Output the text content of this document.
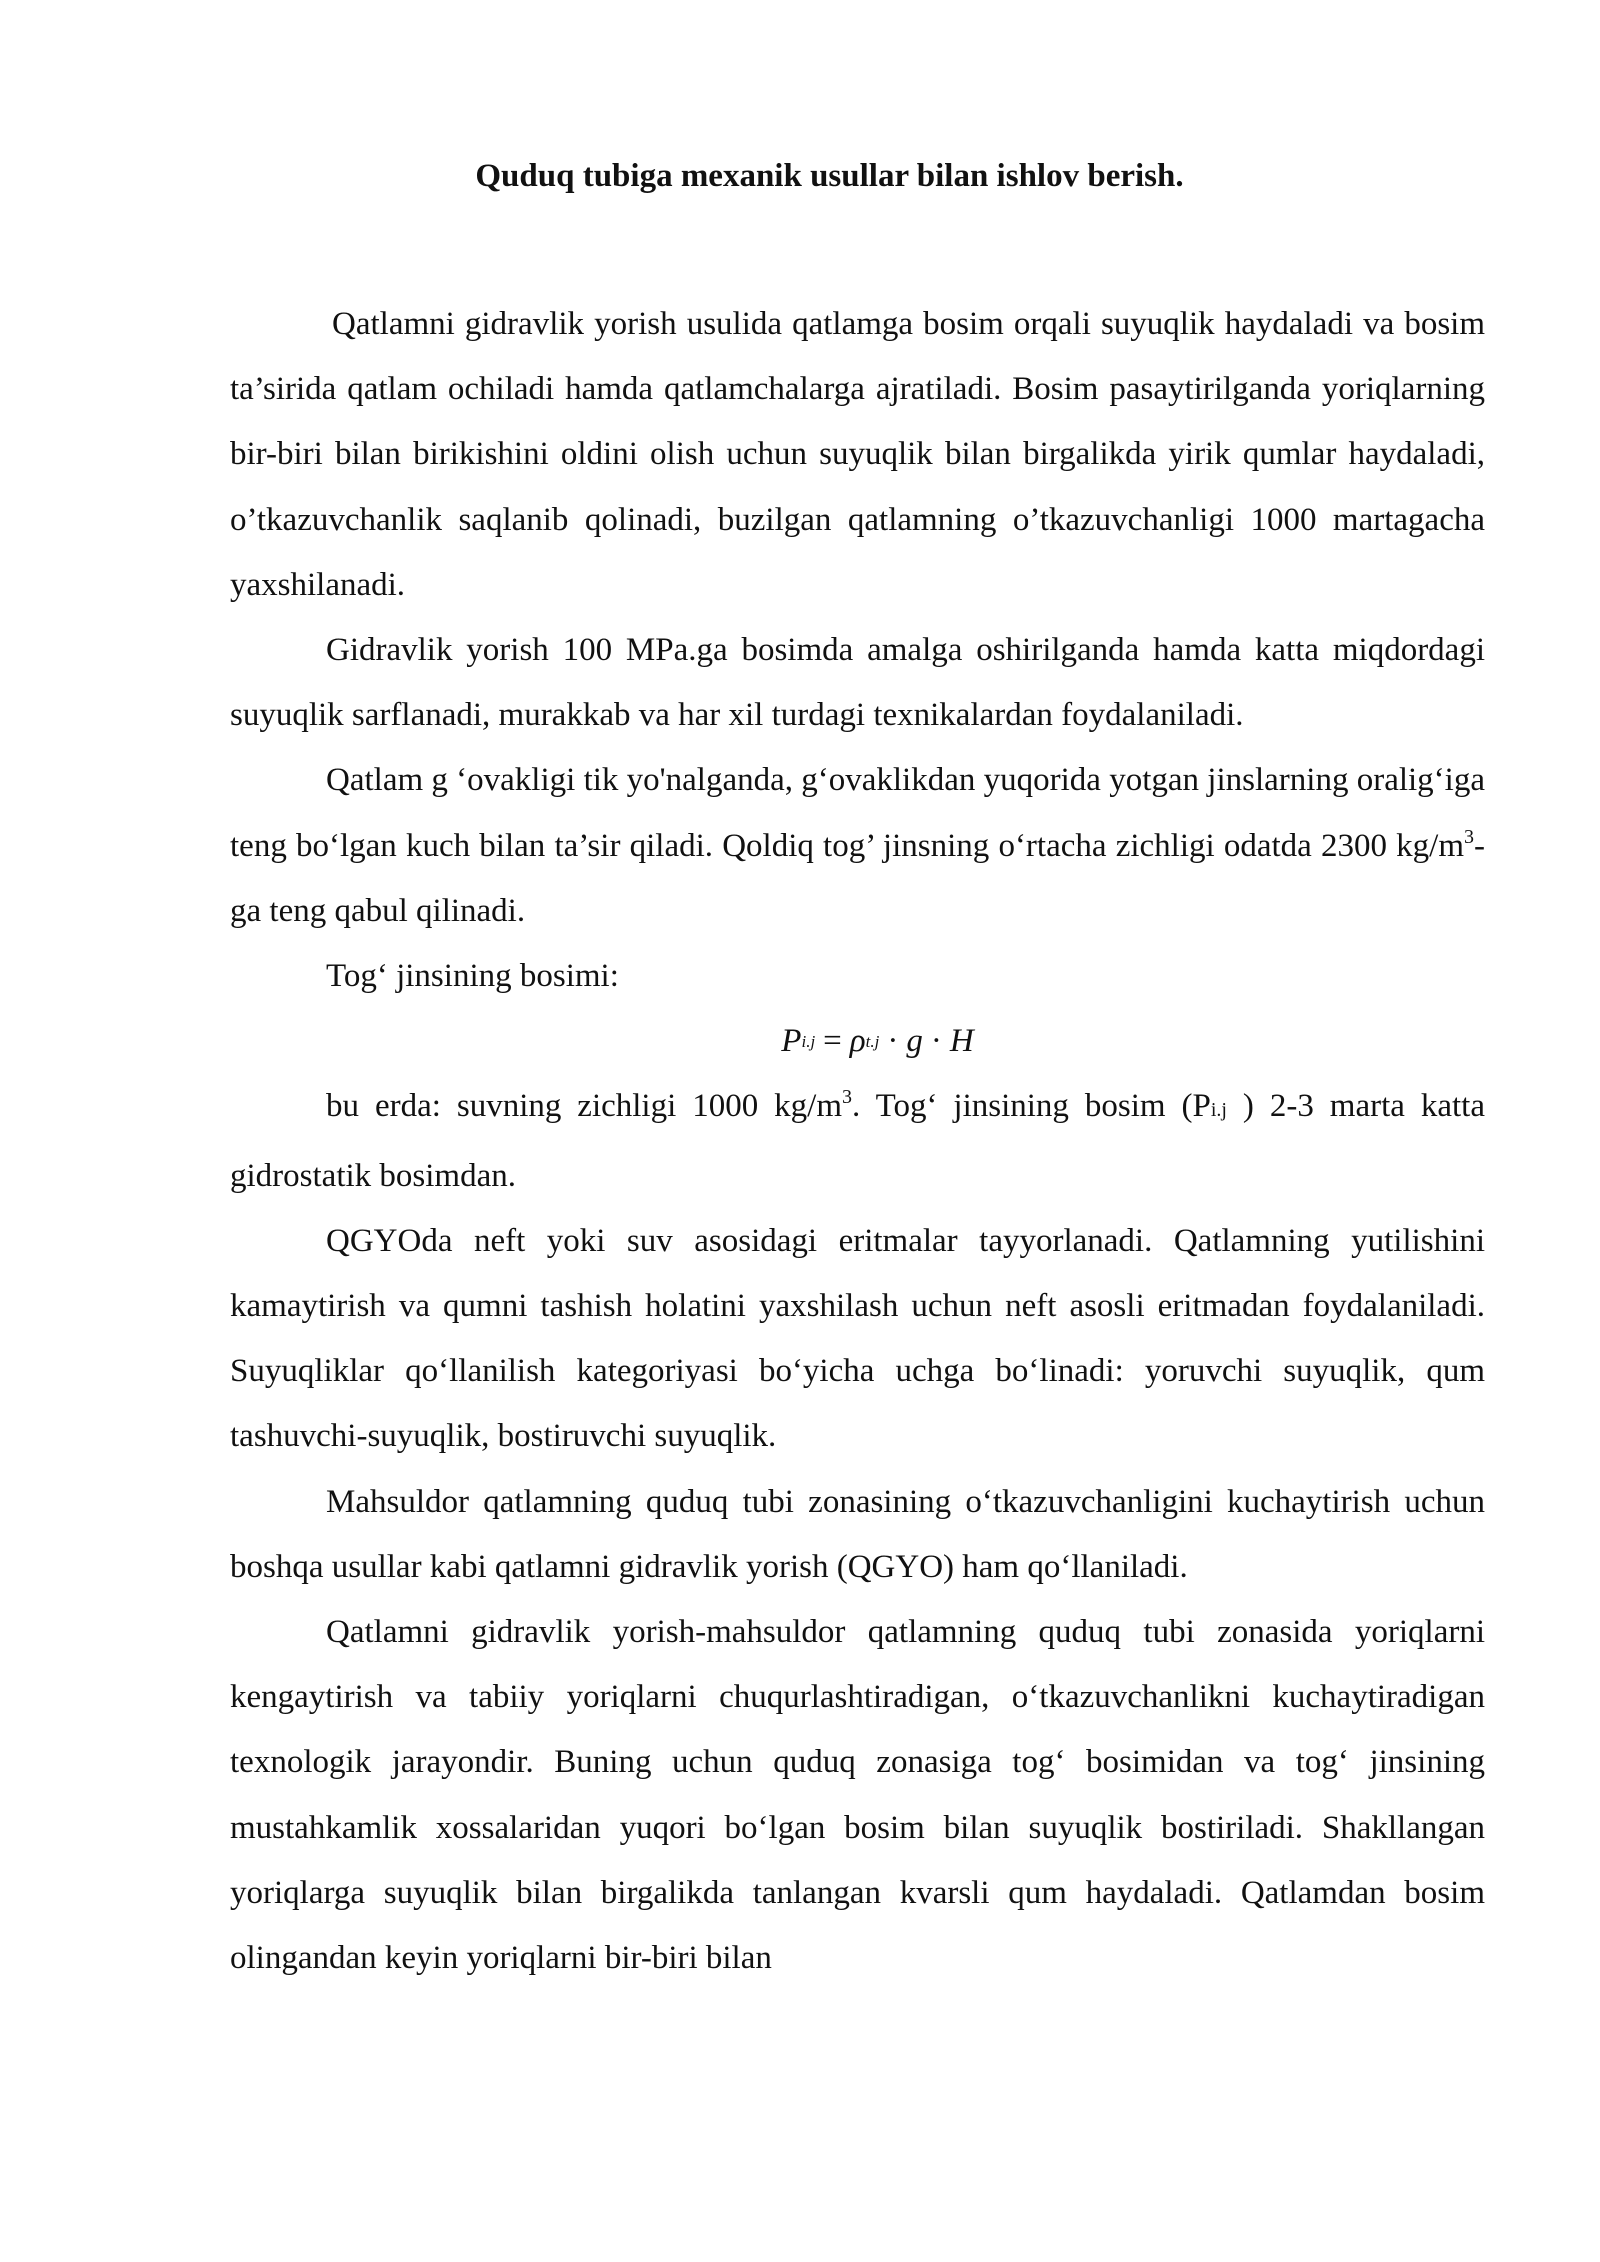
Quduq tubiga mexanik usullar bilan ishlov berish.

Qatlamni gidravlik yorish usulida qatlamga bosim orqali suyuqlik haydaladi va bosim ta’sirida qatlam ochiladi hamda qatlamchalarga ajratiladi. Bosim pasaytirilganda yoriqlarning bir-biri bilan birikishini oldini olish uchun suyuqlik bilan birgalikda yirik qumlar haydaladi, o’tkazuvchanlik saqlanib qolinadi, buzilgan qatlamning o’tkazuvchanligi 1000 martagacha yaxshilanadi.

Gidravlik yorish 100 MPa.ga bosimda amalga oshirilganda hamda katta miqdordagi suyuqlik sarflanadi, murakkab va har xil turdagi texnikalardan foydalaniladi.

Qatlam g ‘ovakligi tik yo'nalganda, g‘ovaklikdan yuqorida yotgan jinslarning oralig‘iga teng bo‘lgan kuch bilan ta’sir qiladi. Qoldiq tog’ jinsning o‘rtacha zichligi odatda 2300 $kg/m^3-$ ga teng qabul qilinadi.

Tog‘ jinsining bosimi:

P i.j = ρ t.j · g · H

bu erda: suvning zichligi 1000 $kg/m^3$. Tog‘ jinsining bosim (Pi.j ) 2-3 marta katta gidrostatik bosimdan.

QGYOda neft yoki suv asosidagi eritmalar tayyorlanadi. Qatlamning yutilishini kamaytirish va qumni tashish holatini yaxshilash uchun neft asosli eritmadan foydalaniladi. Suyuqliklar qo‘llanilish kategoriyasi bo‘yicha uchga bo‘linadi: yoruvchi suyuqlik, qum tashuvchi-suyuqlik, bostiruvchi suyuqlik.

Mahsuldor qatlamning quduq tubi zonasining o‘tkazuvchanligini kuchaytirish uchun boshqa usullar kabi qatlamni gidravlik yorish (QGYO) ham qo‘llaniladi.

Qatlamni gidravlik yorish-mahsuldor qatlamning quduq tubi zonasida yoriqlarni kengaytirish va tabiiy yoriqlarni chuqurlashtiradigan, o‘tkazuvchanlikni kuchaytiradigan texnologik jarayondir. Buning uchun quduq zonasiga tog‘ bosimidan va tog‘ jinsining mustahkamlik xossalaridan yuqori bo‘lgan bosim bilan suyuqlik bostiriladi. Shakllangan yoriqlarga suyuqlik bilan birgalikda tanlangan kvarsli qum haydaladi. Qatlamdan bosim olingandan keyin yoriqlarni bir-biri bilan
